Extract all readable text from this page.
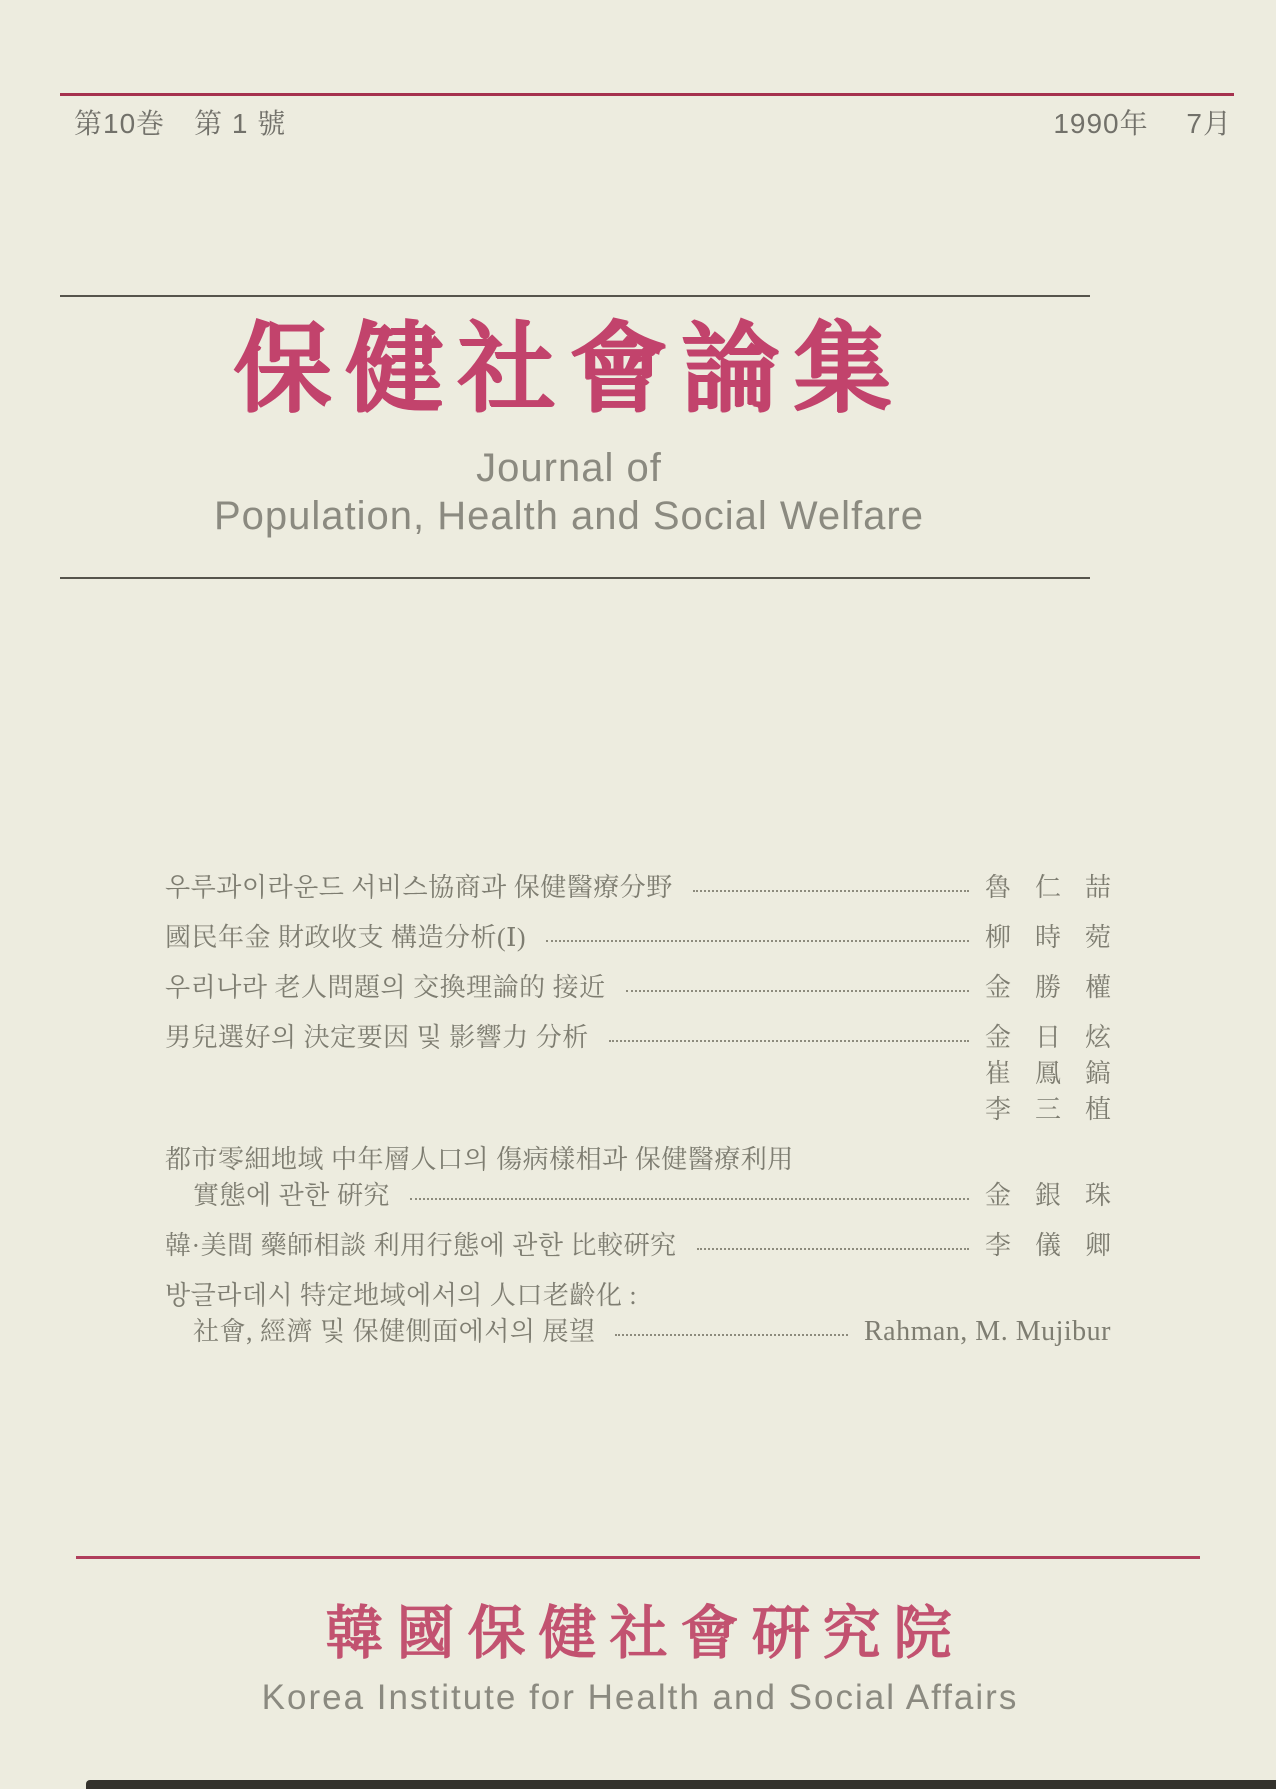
第10巻　第 1 號	1990年　 7月
保健社會論集
Journal of
Population, Health and Social Welfare
우루과이라운드 서비스協商과 保健醫療分野	魯 仁 喆
國民年金 財政收支 構造分析(Ⅰ)	柳 時 菀
우리나라 老人問題의 交換理論的 接近	金 勝 權
男兒選好의 決定要因 및 影響力 分析	金 日 炫
崔 鳳 鎬
李 三 植
都市零細地域 中年層人口의 傷病樣相과 保健醫療利用
實態에 관한 硏究	金 銀 珠
韓·美間 藥師相談 利用行態에 관한 比較硏究	李 儀 卿
방글라데시 特定地域에서의 人口老齡化 :
社會, 經濟 및 保健側面에서의 展望	Rahman, M. Mujibur
韓國保健社會硏究院
Korea Institute for Health and Social Affairs
